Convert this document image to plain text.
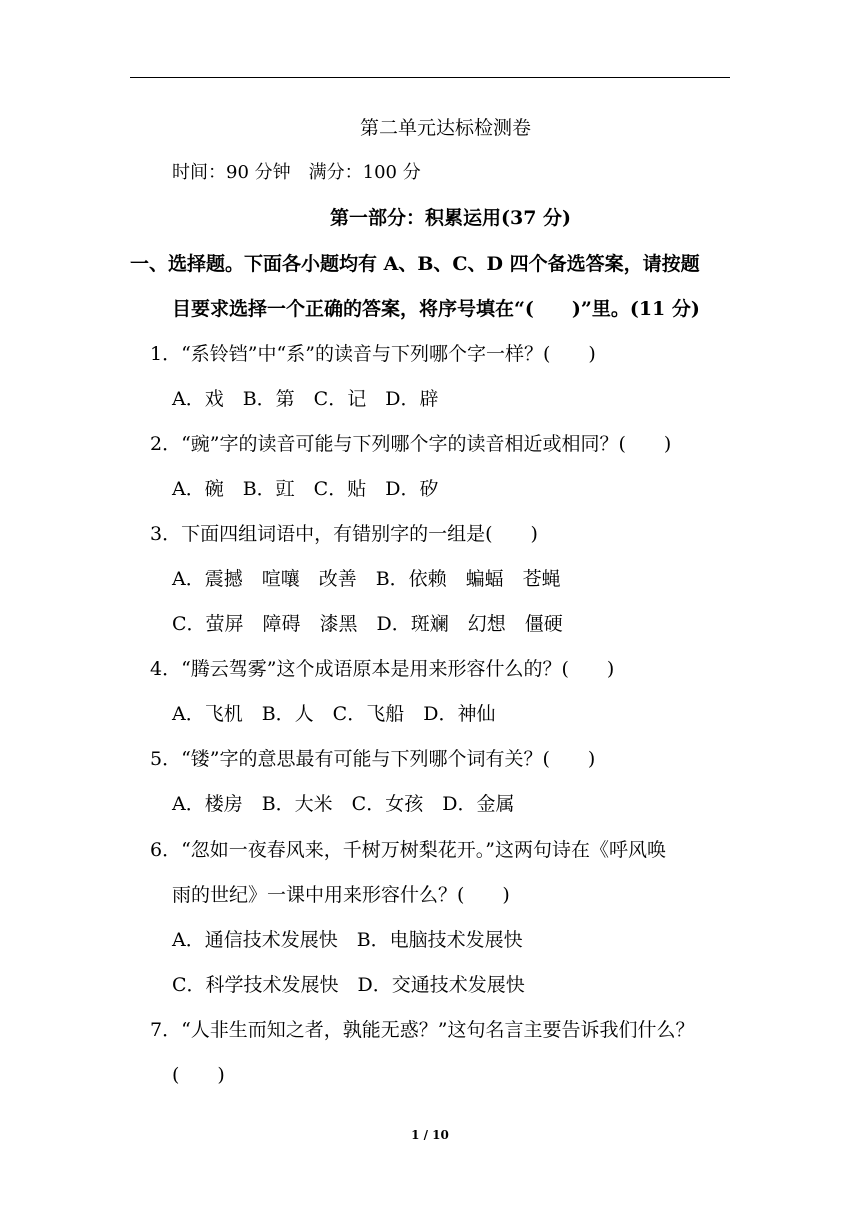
第二单元达标检测卷
时间：90 分钟　满分：100 分
第一部分：积累运用(37 分)
一、选择题。下面各小题均有 A、B、C、D 四个备选答案，请按题
目要求选择一个正确的答案，将序号填在“(　　)”里。(11 分)
1．“系铃铛”中“系”的读音与下列哪个字一样？(　　)
A．戏　B．第　C．记　D．辟
2．“豌”字的读音可能与下列哪个字的读音相近或相同？(　　)
A．碗　B．豇　C．贴　D．矽
3．下面四组词语中，有错别字的一组是(　　)
A．震撼　喧嚷　改善　B．依赖　蝙蝠　苍蝇
C．萤屏　障碍　漆黑　D．斑斓　幻想　僵硬
4．“腾云驾雾”这个成语原本是用来形容什么的？(　　)
A．飞机　B．人　C．飞船　D．神仙
5．“镂”字的意思最有可能与下列哪个词有关？(　　)
A．楼房　B．大米　C．女孩　D．金属
6．“忽如一夜春风来，千树万树梨花开。”这两句诗在《呼风唤
雨的世纪》一课中用来形容什么？(　　)
A．通信技术发展快　B．电脑技术发展快
C．科学技术发展快　D．交通技术发展快
7．“人非生而知之者，孰能无惑？”这句名言主要告诉我们什么？
(　　)
1 / 10
